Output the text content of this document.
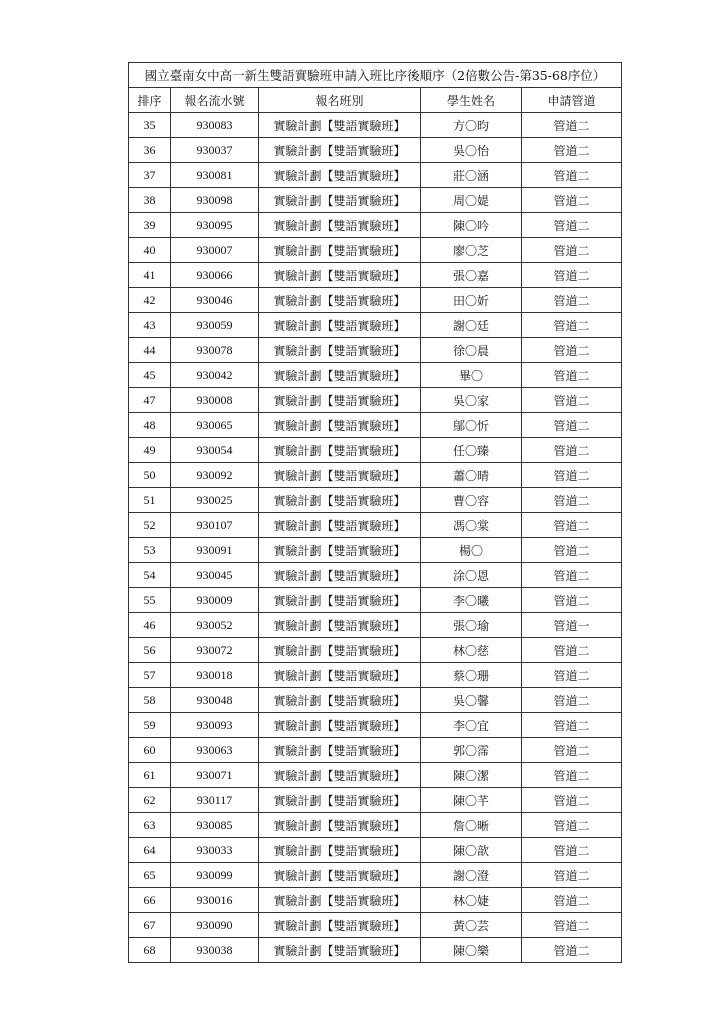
國立臺南女中高一新生雙語實驗班申請入班比序後順序（2倍數公告-第35-68序位）				
排序	報名流水號	報名班別	學生姓名	申請管道
35	930083	實驗計劃【雙語實驗班】	方〇昀	管道二
36	930037	實驗計劃【雙語實驗班】	吳〇怡	管道二
37	930081	實驗計劃【雙語實驗班】	莊〇涵	管道二
38	930098	實驗計劃【雙語實驗班】	周〇媞	管道二
39	930095	實驗計劃【雙語實驗班】	陳〇吟	管道二
40	930007	實驗計劃【雙語實驗班】	廖〇芝	管道二
41	930066	實驗計劃【雙語實驗班】	張〇嘉	管道二
42	930046	實驗計劃【雙語實驗班】	田〇妡	管道二
43	930059	實驗計劃【雙語實驗班】	謝〇廷	管道二
44	930078	實驗計劃【雙語實驗班】	徐〇晨	管道二
45	930042	實驗計劃【雙語實驗班】	畢〇	管道二
47	930008	實驗計劃【雙語實驗班】	吳〇家	管道二
48	930065	實驗計劃【雙語實驗班】	鄔〇忻	管道二
49	930054	實驗計劃【雙語實驗班】	任〇臻	管道二
50	930092	實驗計劃【雙語實驗班】	蕭〇晴	管道二
51	930025	實驗計劃【雙語實驗班】	曹〇容	管道二
52	930107	實驗計劃【雙語實驗班】	馮〇棠	管道二
53	930091	實驗計劃【雙語實驗班】	楊〇	管道二
54	930045	實驗計劃【雙語實驗班】	涂〇恩	管道二
55	930009	實驗計劃【雙語實驗班】	李〇曦	管道二
46	930052	實驗計劃【雙語實驗班】	張〇瑜	管道一
56	930072	實驗計劃【雙語實驗班】	林〇慈	管道二
57	930018	實驗計劃【雙語實驗班】	蔡〇珊	管道二
58	930048	實驗計劃【雙語實驗班】	吳〇馨	管道二
59	930093	實驗計劃【雙語實驗班】	李〇宜	管道二
60	930063	實驗計劃【雙語實驗班】	郭〇霈	管道二
61	930071	實驗計劃【雙語實驗班】	陳〇潔	管道二
62	930117	實驗計劃【雙語實驗班】	陳〇芊	管道二
63	930085	實驗計劃【雙語實驗班】	詹〇晰	管道二
64	930033	實驗計劃【雙語實驗班】	陳〇歆	管道二
65	930099	實驗計劃【雙語實驗班】	謝〇澄	管道二
66	930016	實驗計劃【雙語實驗班】	林〇婕	管道二
67	930090	實驗計劃【雙語實驗班】	黃〇芸	管道二
68	930038	實驗計劃【雙語實驗班】	陳〇樂	管道二
